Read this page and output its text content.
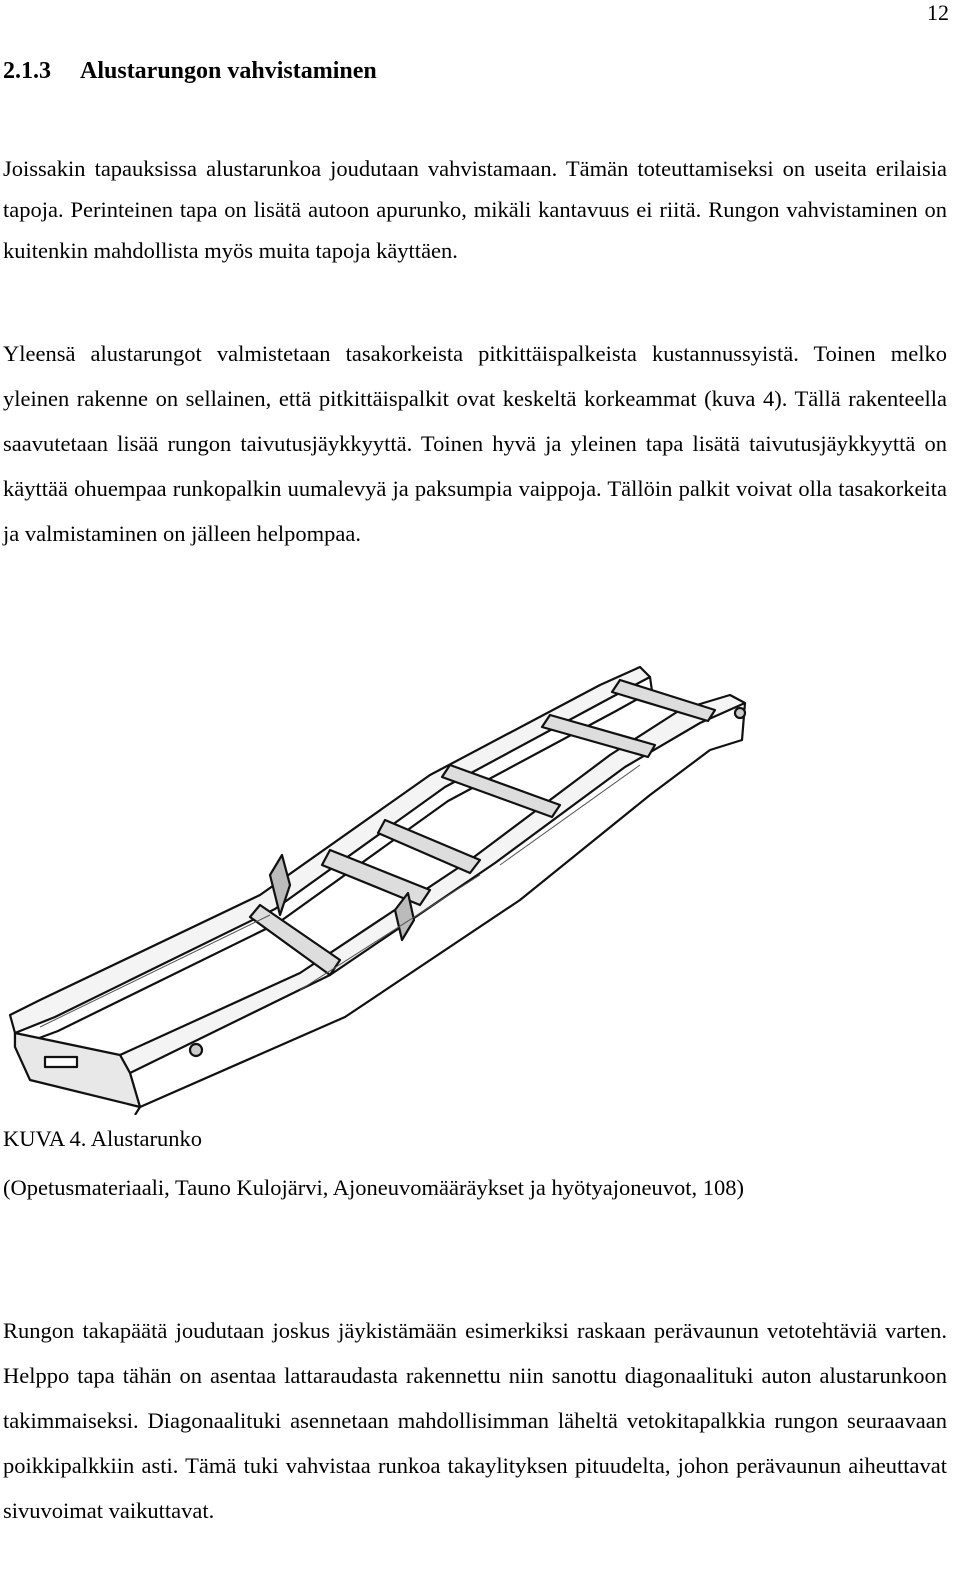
12
2.1.3 Alustarungon vahvistaminen

Joissakin tapauksissa alustarunkoa joudutaan vahvistamaan. Tämän toteuttamiseksi on useita erilaisia tapoja. Perinteinen tapa on lisätä autoon apurunko, mikäli kantavuus ei riitä. Rungon vahvistaminen on kuitenkin mahdollista myös muita tapoja käyttäen.

Yleensä alustarungot valmistetaan tasakorkeista pitkittäispalkeista kustannussyistä. Toinen melko yleinen rakenne on sellainen, että pitkittäispalkit ovat keskeltä korkeammat (kuva 4). Tällä rakenteella saavutetaan lisää rungon taivutusjäykkyyttä. Toinen hyvä ja yleinen tapa lisätä taivutusjäykkyyttä on käyttää ohuempaa runkopalkin uumalevyä ja paksumpia vaippoja. Tällöin palkit voivat olla tasakorkeita ja valmistaminen on jälleen helpompaa.

KUVA 4. Alustarunko

(Opetusmateriaali, Tauno Kulojärvi, Ajoneuvomääräykset ja hyötyajoneuvot, 108)

Rungon takapäätä joudutaan joskus jäykistämään esimerkiksi raskaan perävaunun vetotehtäviä varten. Helppo tapa tähän on asentaa lattaraudasta rakennettu niin sanottu diagonaalituki auton alustarunkoon takimmaiseksi. Diagonaalituki asennetaan mahdollisimman läheltä vetokitapalkkia rungon seuraavaan poikkipalkkiin asti. Tämä tuki vahvistaa runkoa takaylityksen pituudelta, johon perävaunun aiheuttavat sivuvoimat vaikuttavat.
